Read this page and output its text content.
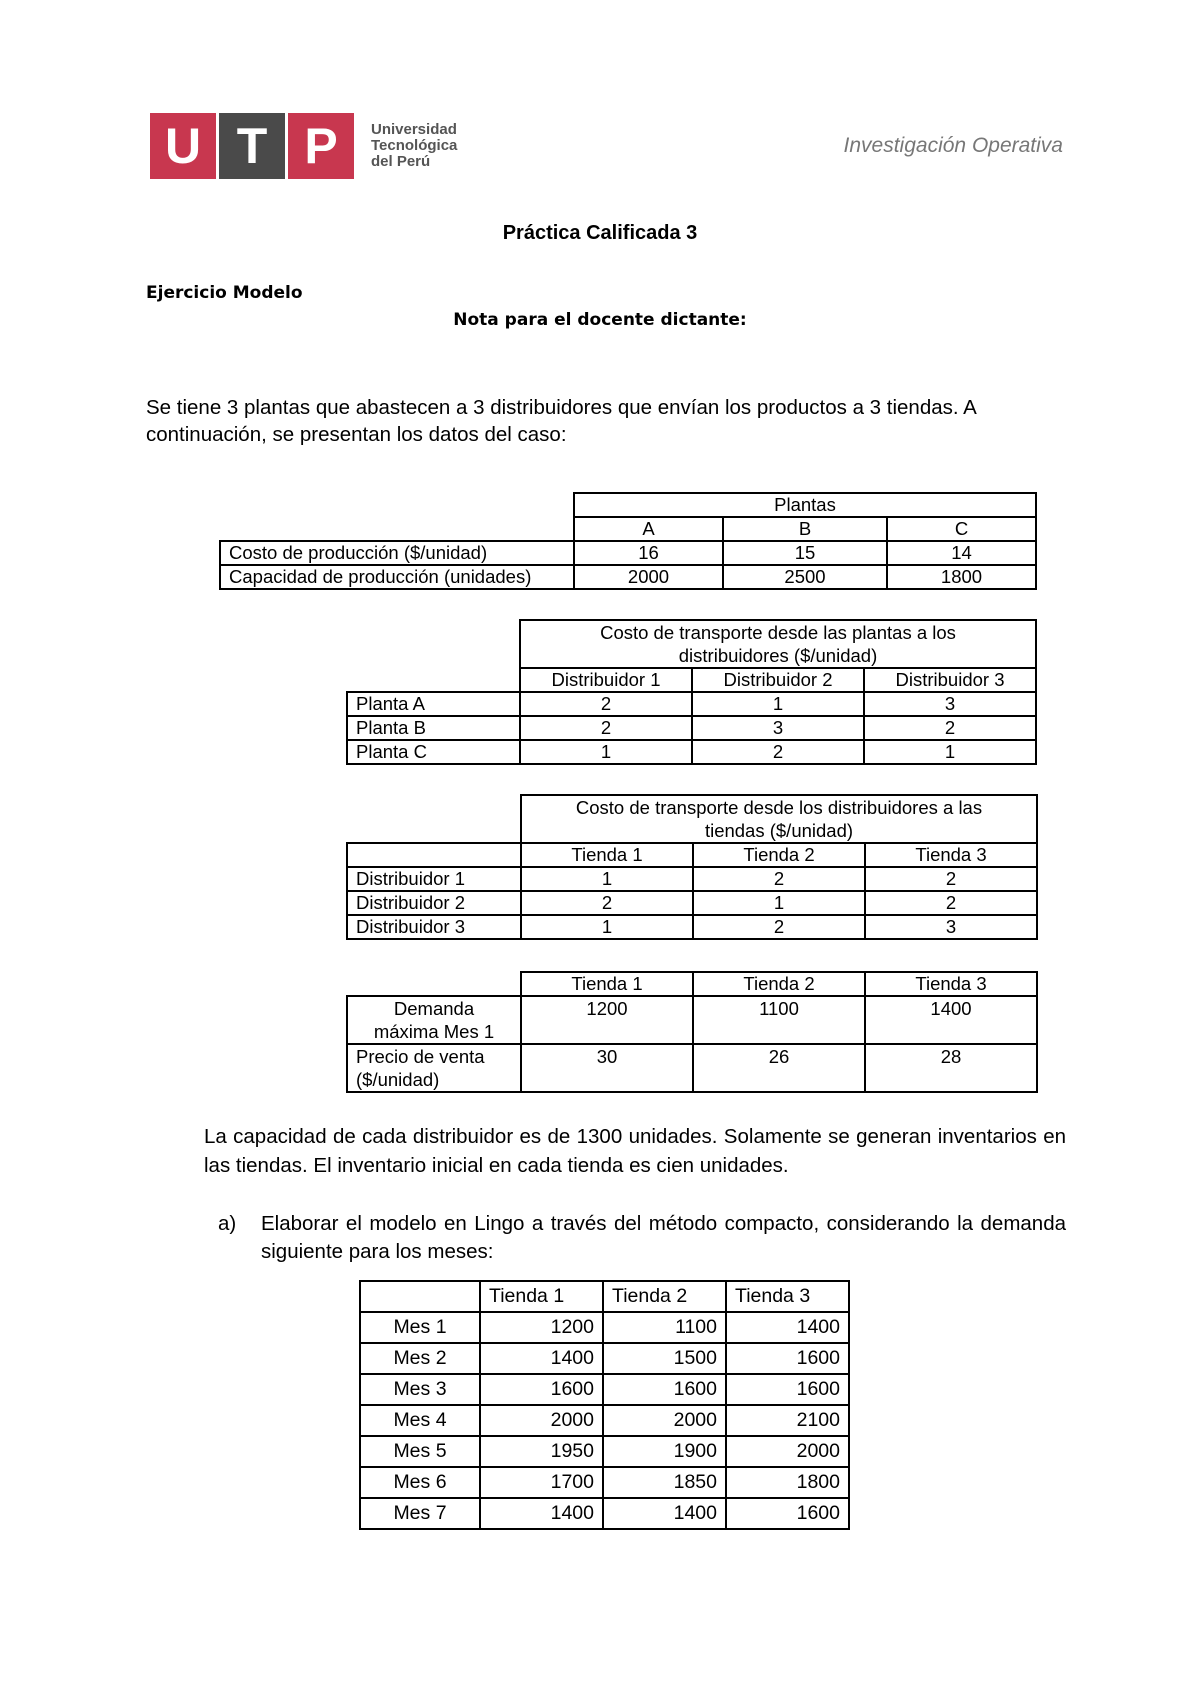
U T P	Universidad
Tecnológica
del Perú
Investigación Operativa
Práctica Calificada 3
Ejercicio Modelo
Nota para el docente dictante:
Se tiene 3 plantas que abastecen a 3 distribuidores que envían los productos a 3 tiendas. A continuación, se presentan los datos del caso:
	Plantas		
	A	B	C
Costo de producción ($/unidad)	16	15	14
Capacidad de producción (unidades)	2000	2500	1800
	Costo de transporte desde las plantas a los distribuidores ($/unidad)		
	Distribuidor 1	Distribuidor 2	Distribuidor 3
Planta A	2	1	3
Planta B	2	3	2
Planta C	1	2	1
	Costo de transporte desde los distribuidores a las tiendas ($/unidad)		
	Tienda 1	Tienda 2	Tienda 3
Distribuidor 1	1	2	2
Distribuidor 2	2	1	2
Distribuidor 3	1	2	3
	Tienda 1	Tienda 2	Tienda 3
Demanda máxima Mes 1	1200	1100	1400
Precio de venta ($/unidad)	30	26	28
La capacidad de cada distribuidor es de 1300 unidades. Solamente se generan inventarios en las tiendas. El inventario inicial en cada tienda es cien unidades.
a) Elaborar el modelo en Lingo a través del método compacto, considerando la demanda siguiente para los meses:
	Tienda 1	Tienda 2	Tienda 3
Mes 1	1200	1100	1400
Mes 2	1400	1500	1600
Mes 3	1600	1600	1600
Mes 4	2000	2000	2100
Mes 5	1950	1900	2000
Mes 6	1700	1850	1800
Mes 7	1400	1400	1600
